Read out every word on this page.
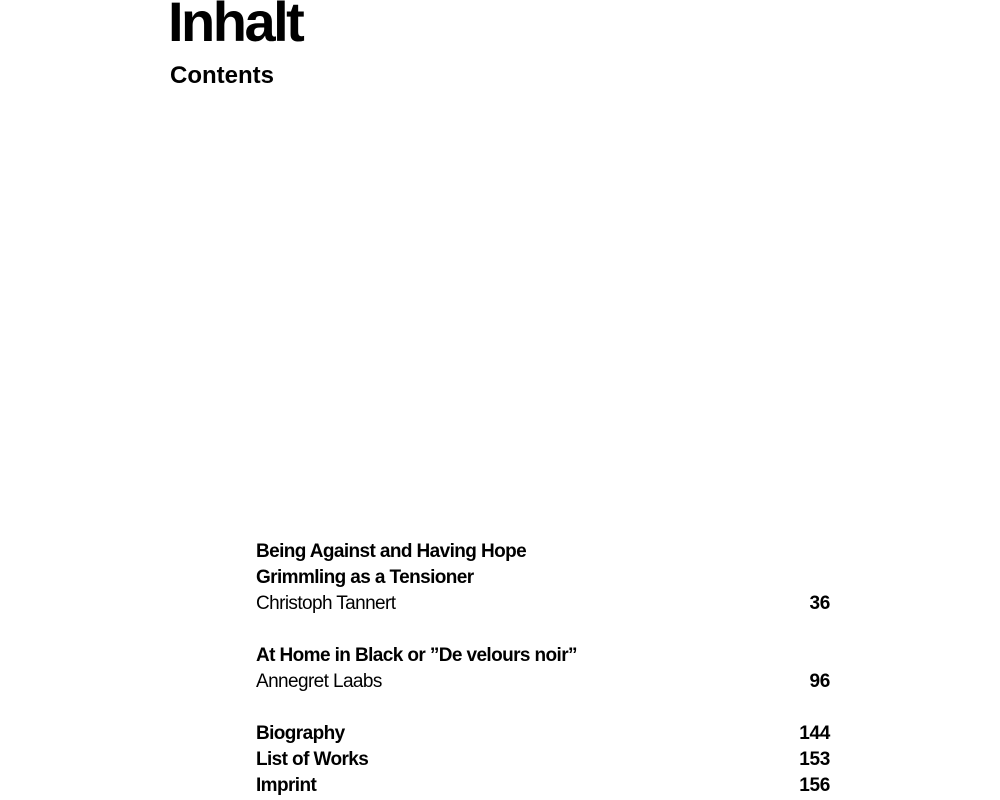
Inhalt
Contents
Being Against and Having Hope
Grimmling as a Tensioner
Christoph Tannert	36
At Home in Black or ”De velours noir”
Annegret Laabs	96
Biography	144
List of Works	153
Imprint	156
